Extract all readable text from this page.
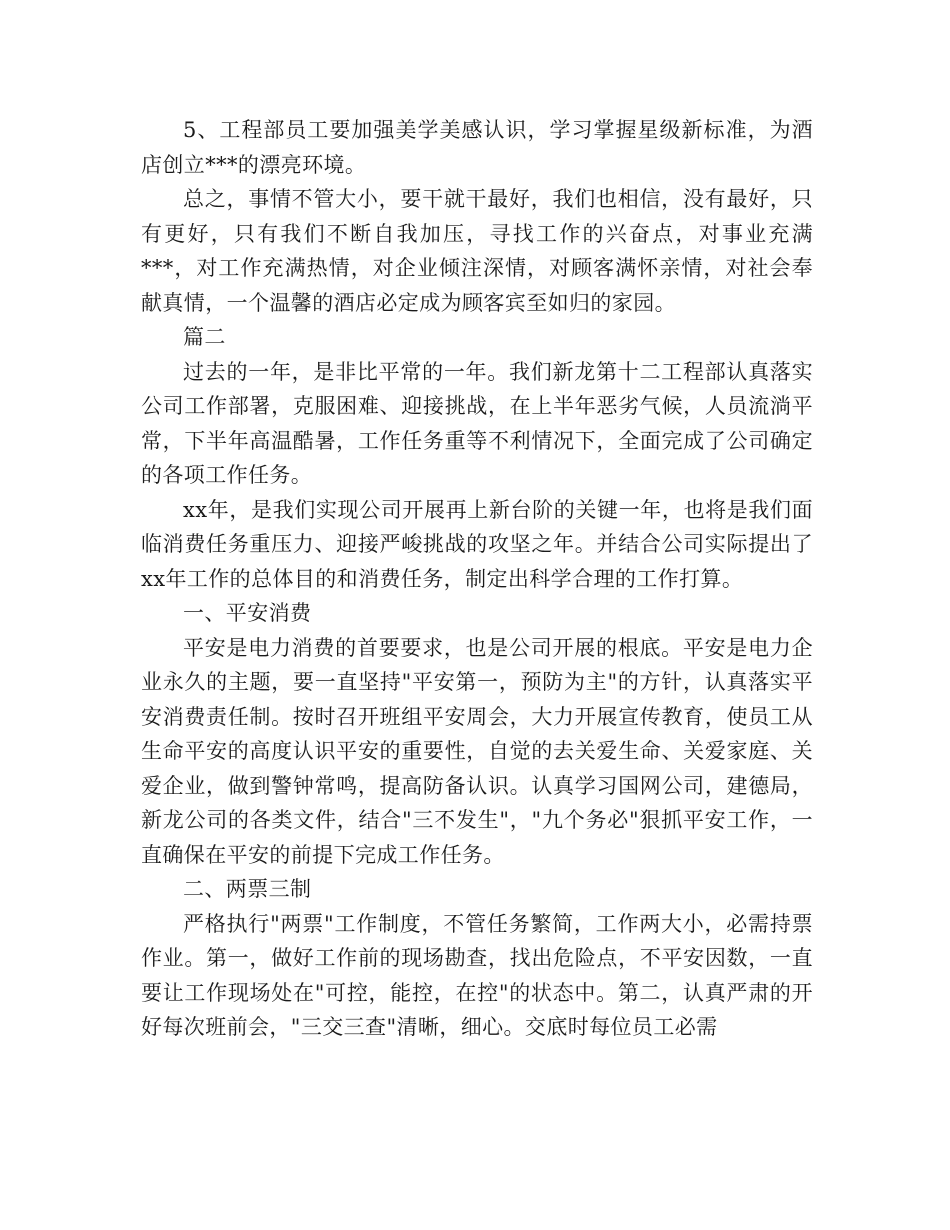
5、工程部员工要加强美学美感认识，学习掌握星级新标准，为酒店创立***的漂亮环境。

总之，事情不管大小，要干就干最好，我们也相信，没有最好，只有更好，只有我们不断自我加压，寻找工作的兴奋点，对事业充满***，对工作充满热情，对企业倾注深情，对顾客满怀亲情，对社会奉献真情，一个温馨的酒店必定成为顾客宾至如归的家园。

篇二

过去的一年，是非比平常的一年。我们新龙第十二工程部认真落实公司工作部署，克服困难、迎接挑战，在上半年恶劣气候，人员流淌平常，下半年高温酷暑，工作任务重等不利情况下，全面完成了公司确定的各项工作任务。

xx年，是我们实现公司开展再上新台阶的关键一年，也将是我们面临消费任务重压力、迎接严峻挑战的攻坚之年。并结合公司实际提出了xx年工作的总体目的和消费任务，制定出科学合理的工作打算。

一、平安消费

平安是电力消费的首要要求，也是公司开展的根底。平安是电力企业永久的主题，要一直坚持"平安第一，预防为主"的方针，认真落实平安消费责任制。按时召开班组平安周会，大力开展宣传教育，使员工从生命平安的高度认识平安的重要性，自觉的去关爱生命、关爱家庭、关爱企业，做到警钟常鸣，提高防备认识。认真学习国网公司，建德局，新龙公司的各类文件，结合"三不发生"，"九个务必"狠抓平安工作，一直确保在平安的前提下完成工作任务。

二、两票三制

严格执行"两票"工作制度，不管任务繁简，工作两大小，必需持票作业。第一，做好工作前的现场勘查，找出危险点，不平安因数，一直要让工作现场处在"可控，能控，在控"的状态中。第二，认真严肃的开好每次班前会，"三交三查"清晰，细心。交底时每位员工必需
